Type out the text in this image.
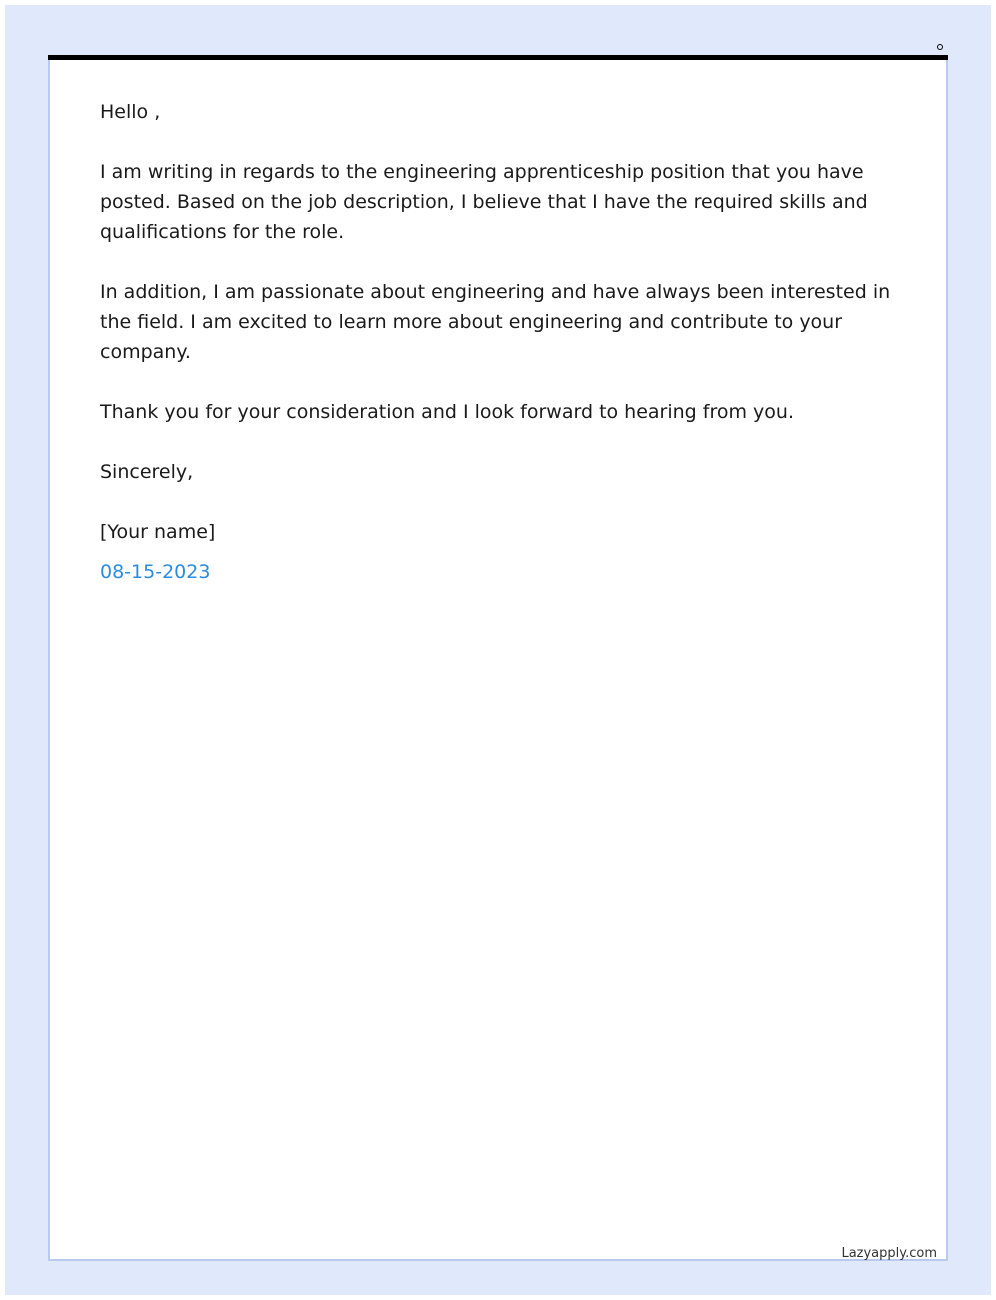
Hello ,

I am writing in regards to the engineering apprenticeship position that you have posted. Based on the job description, I believe that I have the required skills and qualifications for the role.

In addition, I am passionate about engineering and have always been interested in the field. I am excited to learn more about engineering and contribute to your company.

Thank you for your consideration and I look forward to hearing from you.

Sincerely,

[Your name]

08-15-2023

Lazyapply.com
